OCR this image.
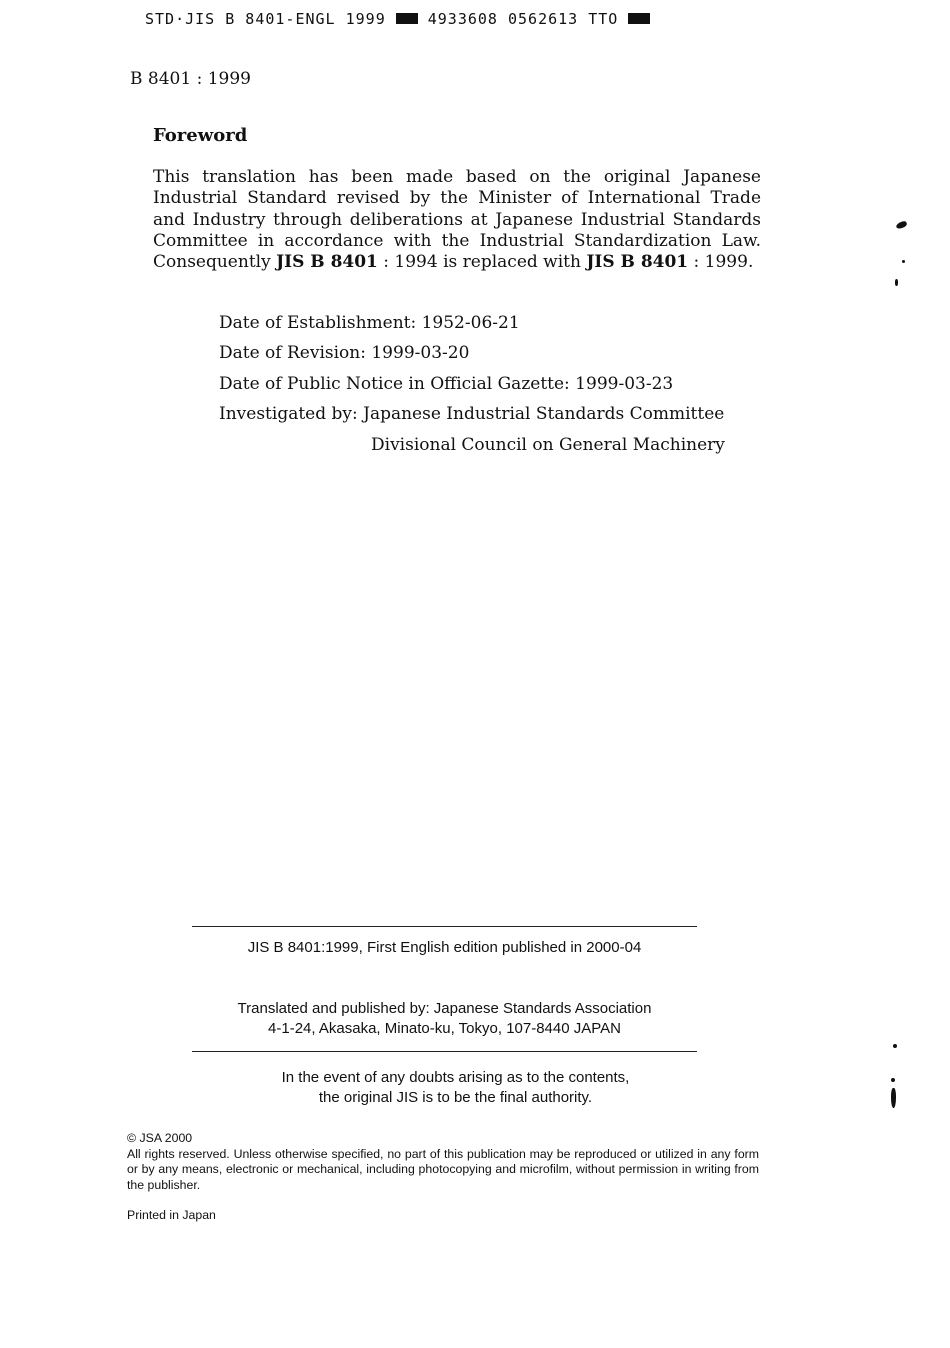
STD·JIS B 8401-ENGL 1999	4933608 0562613 TTO
B 8401 : 1999
Foreword
This translation has been made based on the original Japanese Industrial Standard revised by the Minister of International Trade and Industry through deliberations at Japanese Industrial Standards Committee in accordance with the Industrial Standardization Law. Consequently JIS B 8401 : 1994 is replaced with JIS B 8401 : 1999.
Date of Establishment: 1952-06-21
Date of Revision: 1999-03-20
Date of Public Notice in Official Gazette: 1999-03-23
Investigated by: Japanese Industrial Standards Committee
Divisional Council on General Machinery
JIS B 8401:1999, First English edition published in 2000-04
Translated and published by: Japanese Standards Association
4-1-24, Akasaka, Minato-ku, Tokyo, 107-8440 JAPAN
In the event of any doubts arising as to the contents,
the original JIS is to be the final authority.
© JSA 2000
All rights reserved. Unless otherwise specified, no part of this publication may be reproduced or utilized in any form or by any means, electronic or mechanical, including photocopying and microfilm, without permission in writing from the publisher.
Printed in Japan
